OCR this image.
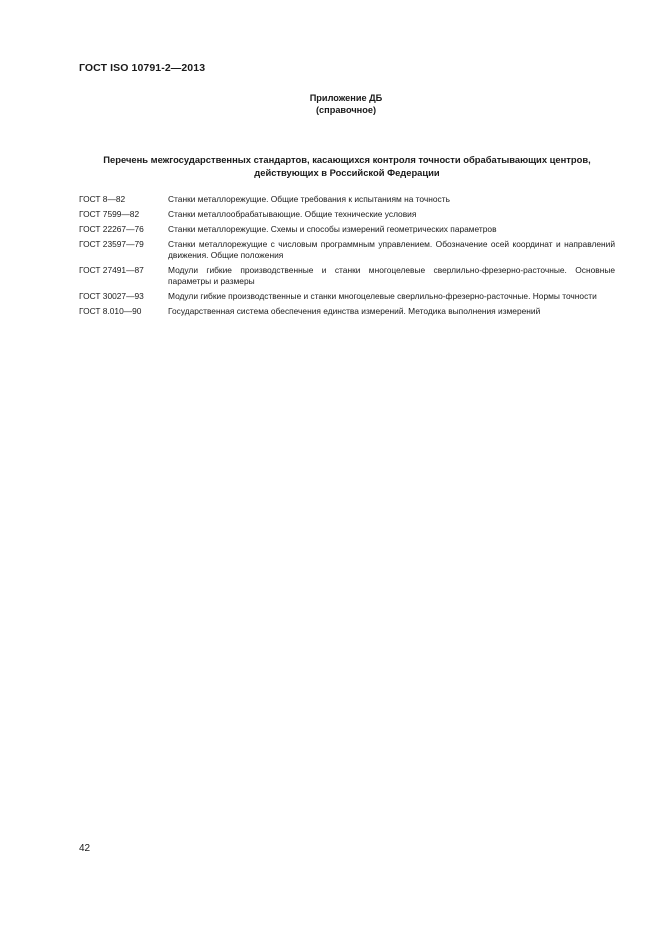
ГОСТ ISO 10791-2—2013
Приложение ДБ
(справочное)
Перечень межгосударственных стандартов, касающихся контроля точности обрабатывающих центров, действующих в Российской Федерации
ГОСТ 8—82	Станки металлорежущие. Общие требования к испытаниям на точность
ГОСТ 7599—82	Станки металлообрабатывающие. Общие технические условия
ГОСТ 22267—76	Станки металлорежущие. Схемы и способы измерений геометрических параметров
ГОСТ 23597—79	Станки металлорежущие с числовым программным управлением. Обозначение осей координат и направлений движения. Общие положения
ГОСТ 27491—87	Модули гибкие производственные и станки многоцелевые сверлильно-фрезерно-расточные. Основные параметры и размеры
ГОСТ 30027—93	Модули гибкие производственные и станки многоцелевые сверлильно-фрезерно-расточные. Нормы точности
ГОСТ 8.010—90	Государственная система обеспечения единства измерений. Методика выполнения измерений
42
